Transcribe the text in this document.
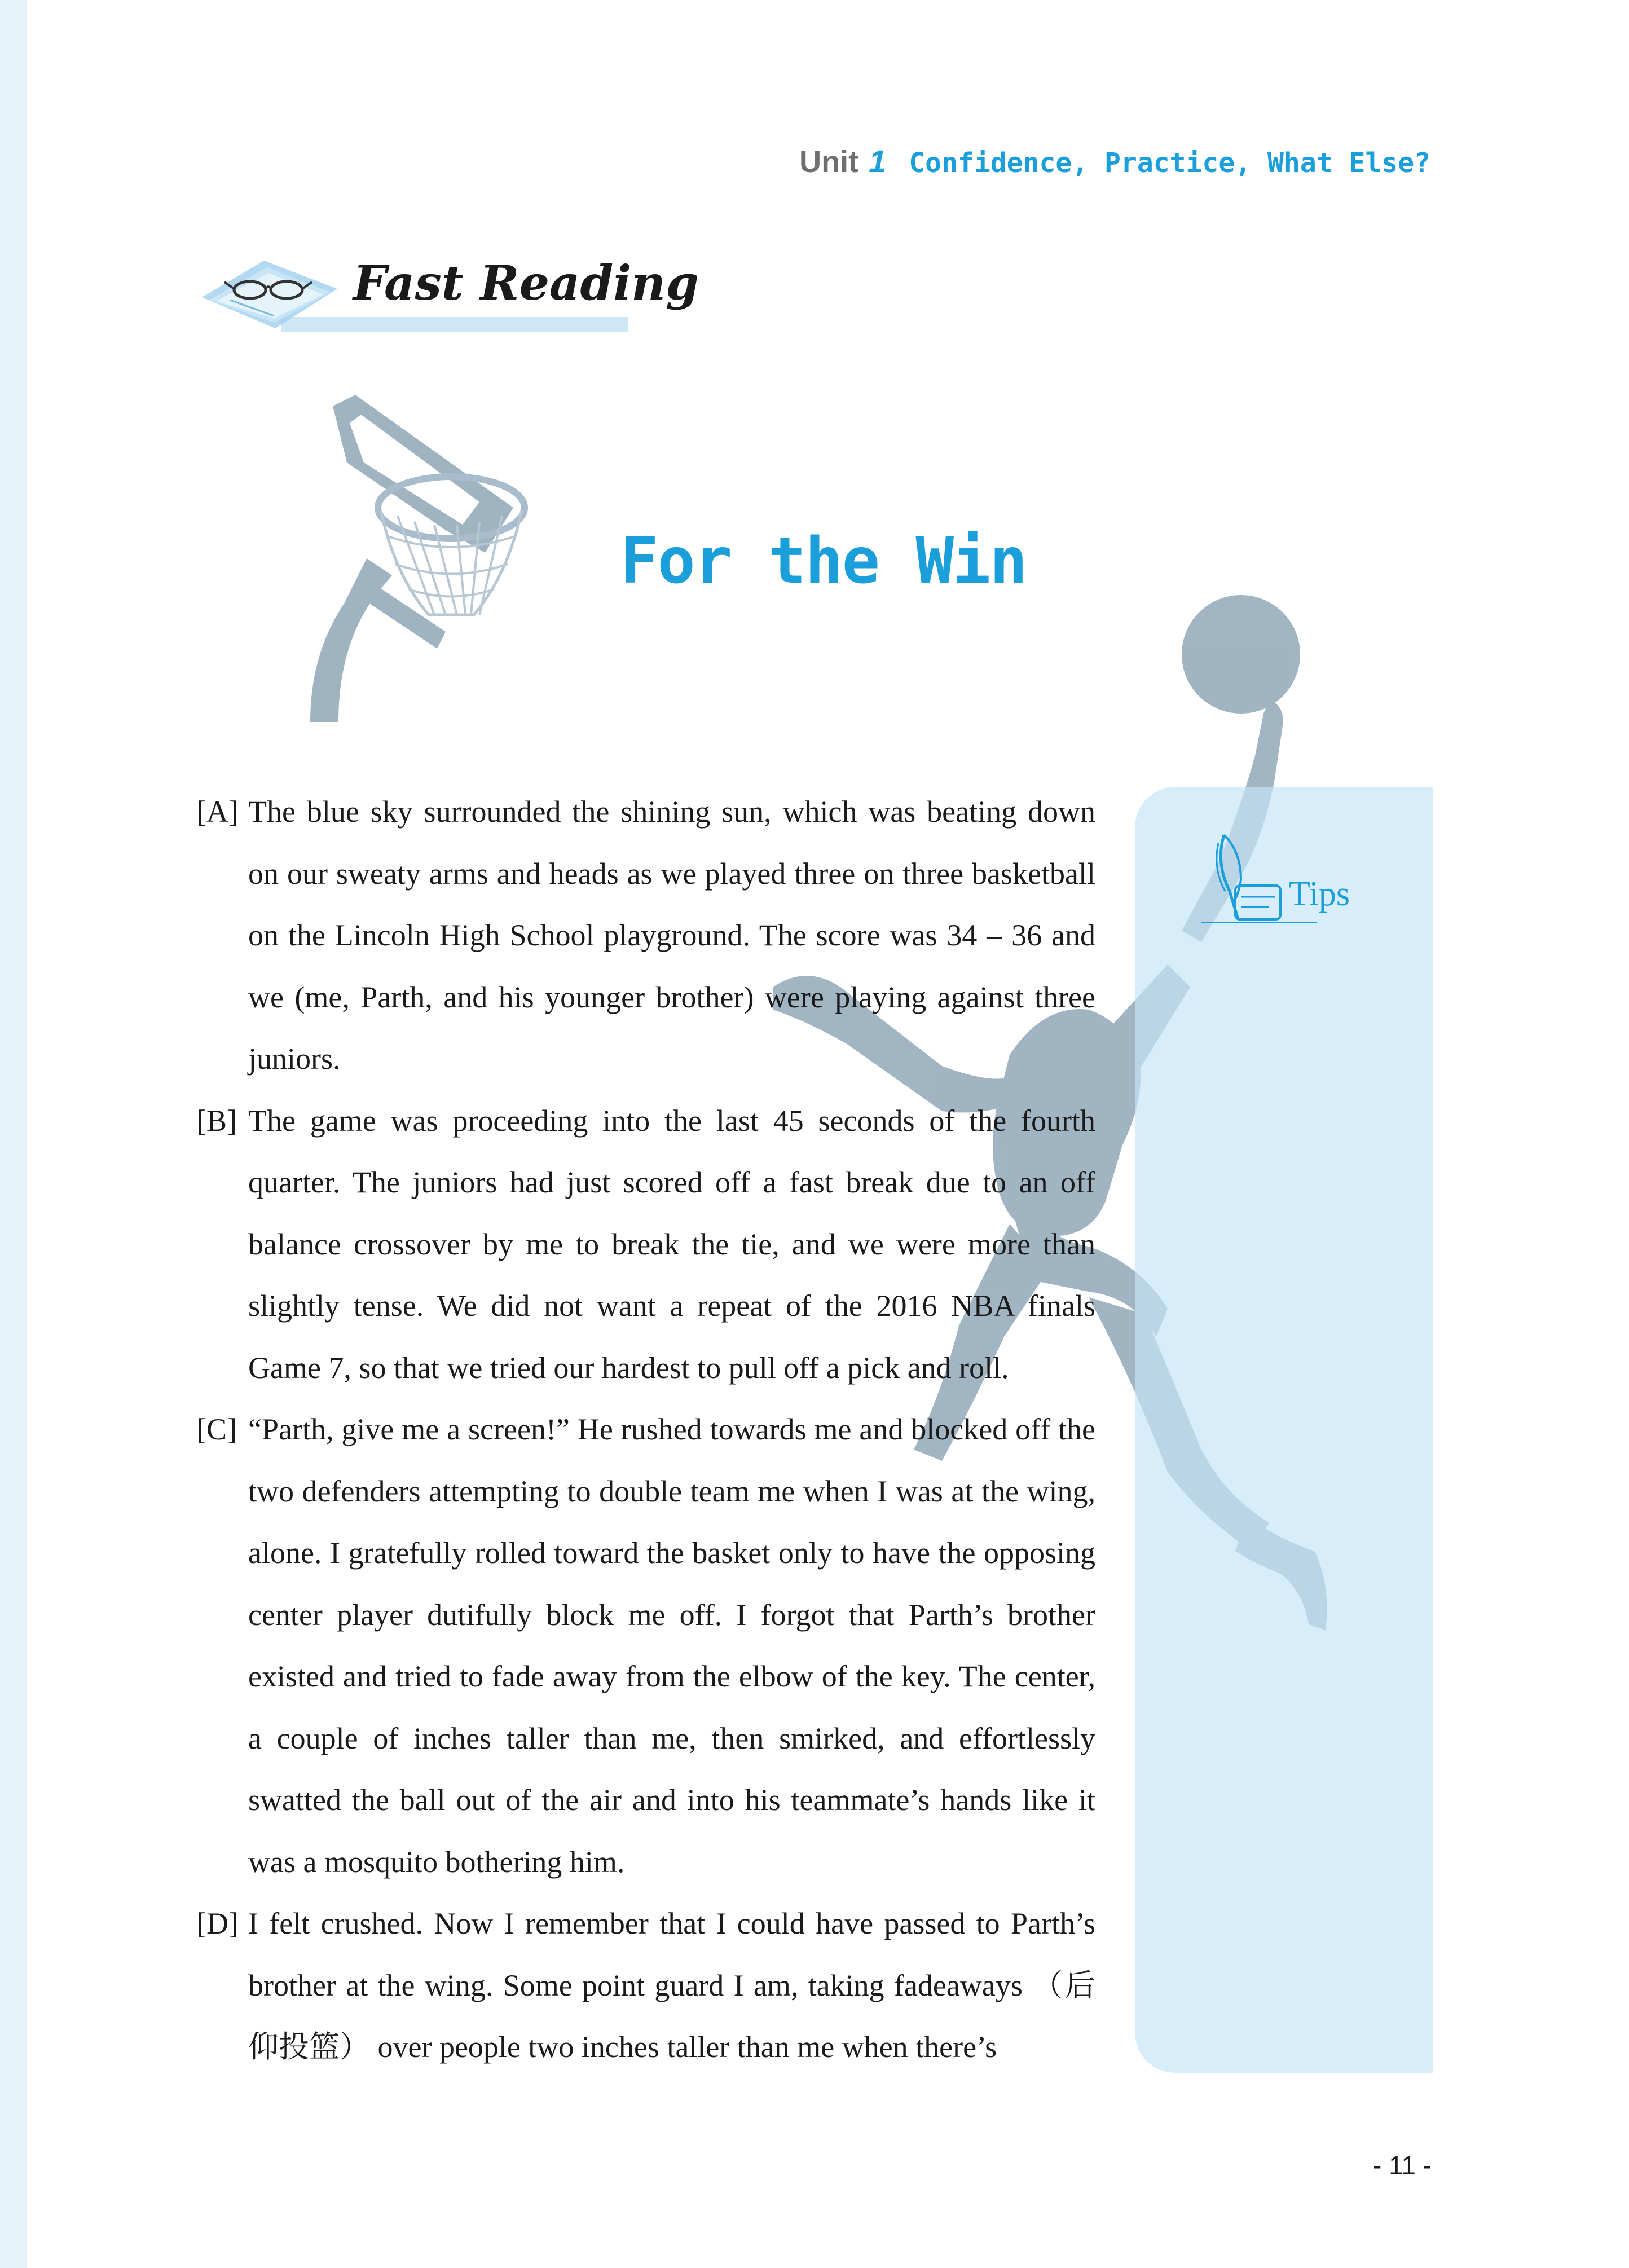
Unit 1 Confidence, Practice, What Else?
Fast Reading
For the Win
Tips
[A] The blue sky surrounded the shining sun, which was beating down on our sweaty arms and heads as we played three on three basketball on the Lincoln High School playground. The score was 34 – 36 and we (me, Parth, and his younger brother) were playing against three juniors.

[B] The game was proceeding into the last 45 seconds of the fourth quarter. The juniors had just scored off a fast break due to an off balance crossover by me to break the tie, and we were more than slightly tense. We did not want a repeat of the 2016 NBA finals Game 7, so that we tried our hardest to pull off a pick and roll.

[C] “Parth, give me a screen!” He rushed towards me and blocked off the two defenders attempting to double team me when I was at the wing, alone. I gratefully rolled toward the basket only to have the opposing center player dutifully block me off. I forgot that Parth’s brother existed and tried to fade away from the elbow of the key. The center, a couple of inches taller than me, then smirked, and effortlessly swatted the ball out of the air and into his teammate’s hands like it was a mosquito bothering him.

[D] I felt crushed. Now I remember that I could have passed to Parth’s brother at the wing. Some point guard I am, taking fadeaways （后仰投篮） over people two inches taller than me when there’s

- 11 -
